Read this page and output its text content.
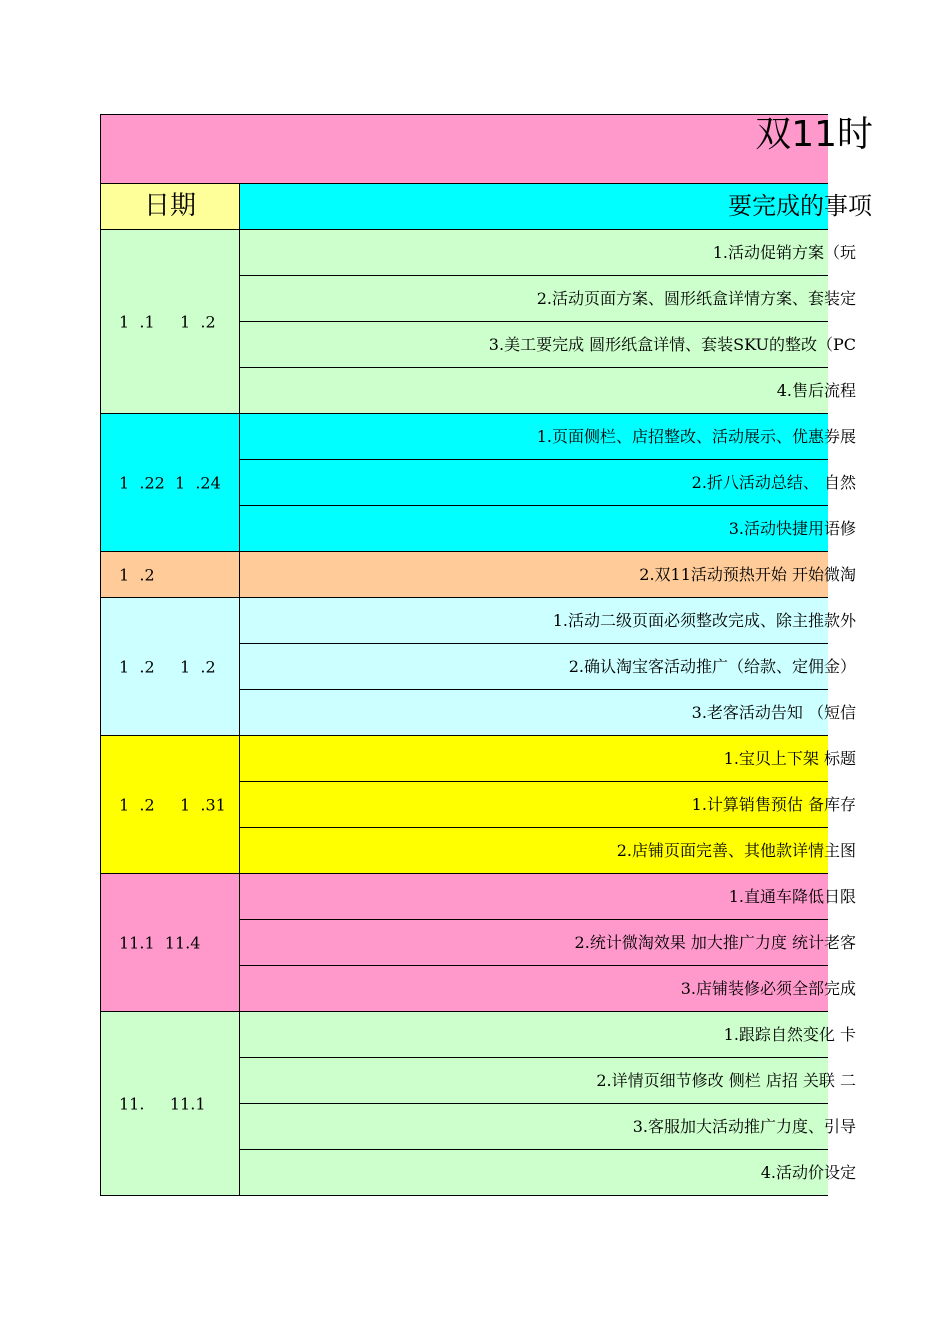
双11时
日期	要完成的事项
1  .1     1  .2
1.活动促销方案（玩
2.活动页面方案、圆形纸盒详情方案、套装定
3.美工要完成 圆形纸盒详情、套装SKU的整改（PC
4.售后流程
1  .22  1  .24
1.页面侧栏、店招整改、活动展示、优惠券展
2.折八活动总结、 自然
3.活动快捷用语修
1  .2	2.双11活动预热开始 开始微淘
1  .2     1  .2
1.活动二级页面必须整改完成、除主推款外
2.确认淘宝客活动推广（给款、定佣金）
3.老客活动告知 （短信
1  .2     1  .31
1.宝贝上下架 标题
1.计算销售预估 备库存
2.店铺页面完善、其他款详情主图
11.1  11.4
1.直通车降低日限
2.统计微淘效果 加大推广力度 统计老客
3.店铺装修必须全部完成
11.     11.1
1.跟踪自然变化 卡
2.详情页细节修改 侧栏 店招 关联 二
3.客服加大活动推广力度、引导
4.活动价设定
